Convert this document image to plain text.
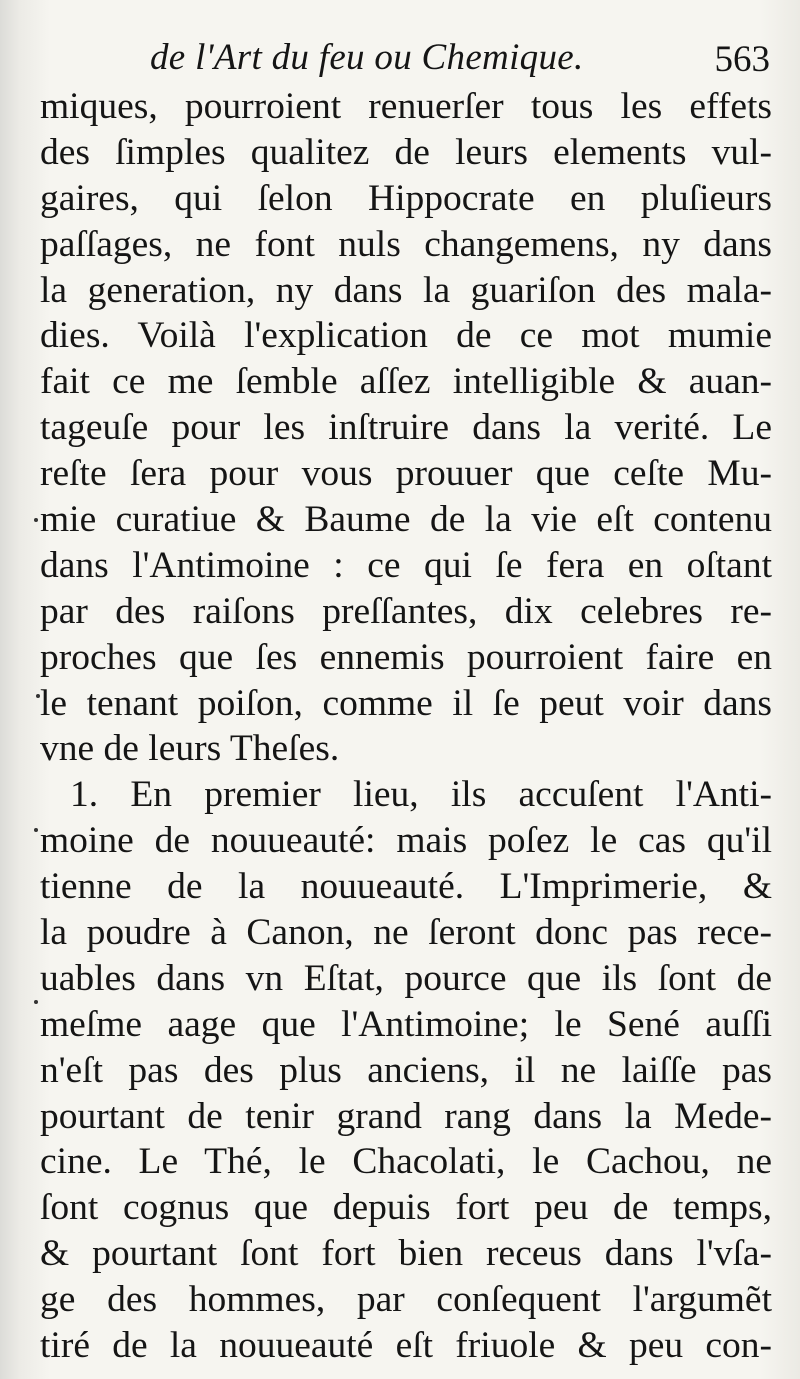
de l'Art du feu ou Chemique.	563
miques, pourroient renuerſer tous les effets
des ſimples qualitez de leurs elements vul-
gaires, qui ſelon Hippocrate en pluſieurs
paſſages, ne font nuls changemens, ny dans
la generation, ny dans la guariſon des mala-
dies. Voilà l'explication de ce mot mumie
fait ce me ſemble aſſez intelligible & auan-
tageuſe pour les inſtruire dans la verité. Le
reſte ſera pour vous prouuer que ceſte Mu-
mie curatiue & Baume de la vie eſt contenu
dans l'Antimoine : ce qui ſe fera en oſtant
par des raiſons preſſantes, dix celebres re-
proches que ſes ennemis pourroient faire en
le tenant poiſon, comme il ſe peut voir dans
vne de leurs Theſes.
1. En premier lieu, ils accuſent l'Anti-
moine de nouueauté: mais poſez le cas qu'il
tienne de la nouueauté. L'Imprimerie, &
la poudre à Canon, ne ſeront donc pas rece-
uables dans vn Eſtat, pource que ils ſont de
meſme aage que l'Antimoine; le Sené auſſi
n'eſt pas des plus anciens, il ne laiſſe pas
pourtant de tenir grand rang dans la Mede-
cine. Le Thé, le Chacolati, le Cachou, ne
ſont cognus que depuis fort peu de temps,
& pourtant ſont fort bien receus dans l'vſa-
ge des hommes, par conſequent l'argumẽt
tiré de la nouueauté eſt friuole & peu con-
